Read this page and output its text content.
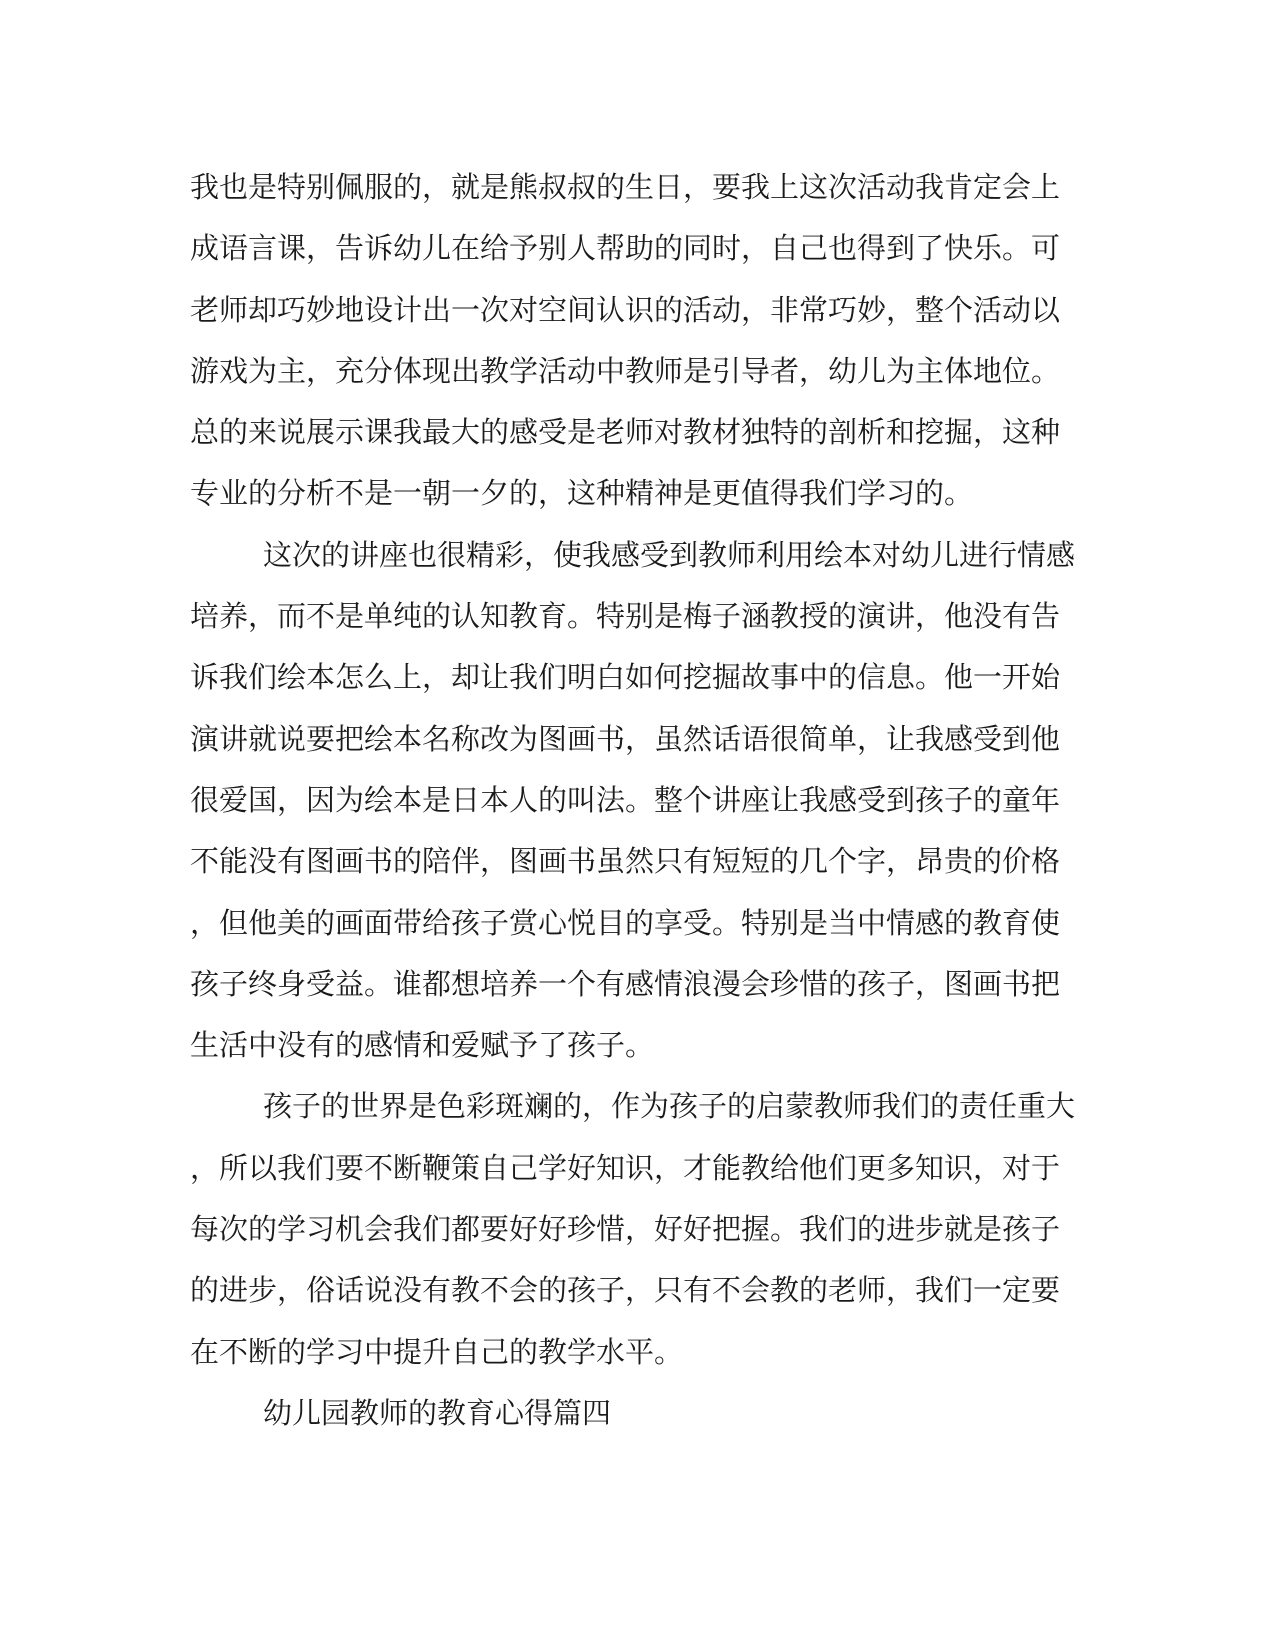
我也是特别佩服的，就是熊叔叔的生日，要我上这次活动我肯定会上
成语言课，告诉幼儿在给予别人帮助的同时，自己也得到了快乐。可
老师却巧妙地设计出一次对空间认识的活动，非常巧妙，整个活动以
游戏为主，充分体现出教学活动中教师是引导者，幼儿为主体地位。
总的来说展示课我最大的感受是老师对教材独特的剖析和挖掘，这种
专业的分析不是一朝一夕的，这种精神是更值得我们学习的。
这次的讲座也很精彩，使我感受到教师利用绘本对幼儿进行情感
培养，而不是单纯的认知教育。特别是梅子涵教授的演讲，他没有告
诉我们绘本怎么上，却让我们明白如何挖掘故事中的信息。他一开始
演讲就说要把绘本名称改为图画书，虽然话语很简单，让我感受到他
很爱国，因为绘本是日本人的叫法。整个讲座让我感受到孩子的童年
不能没有图画书的陪伴，图画书虽然只有短短的几个字，昂贵的价格
，但他美的画面带给孩子赏心悦目的享受。特别是当中情感的教育使
孩子终身受益。谁都想培养一个有感情浪漫会珍惜的孩子，图画书把
生活中没有的感情和爱赋予了孩子。
孩子的世界是色彩斑斓的，作为孩子的启蒙教师我们的责任重大
，所以我们要不断鞭策自己学好知识，才能教给他们更多知识，对于
每次的学习机会我们都要好好珍惜，好好把握。我们的进步就是孩子
的进步，俗话说没有教不会的孩子，只有不会教的老师，我们一定要
在不断的学习中提升自己的教学水平。
幼儿园教师的教育心得篇四
